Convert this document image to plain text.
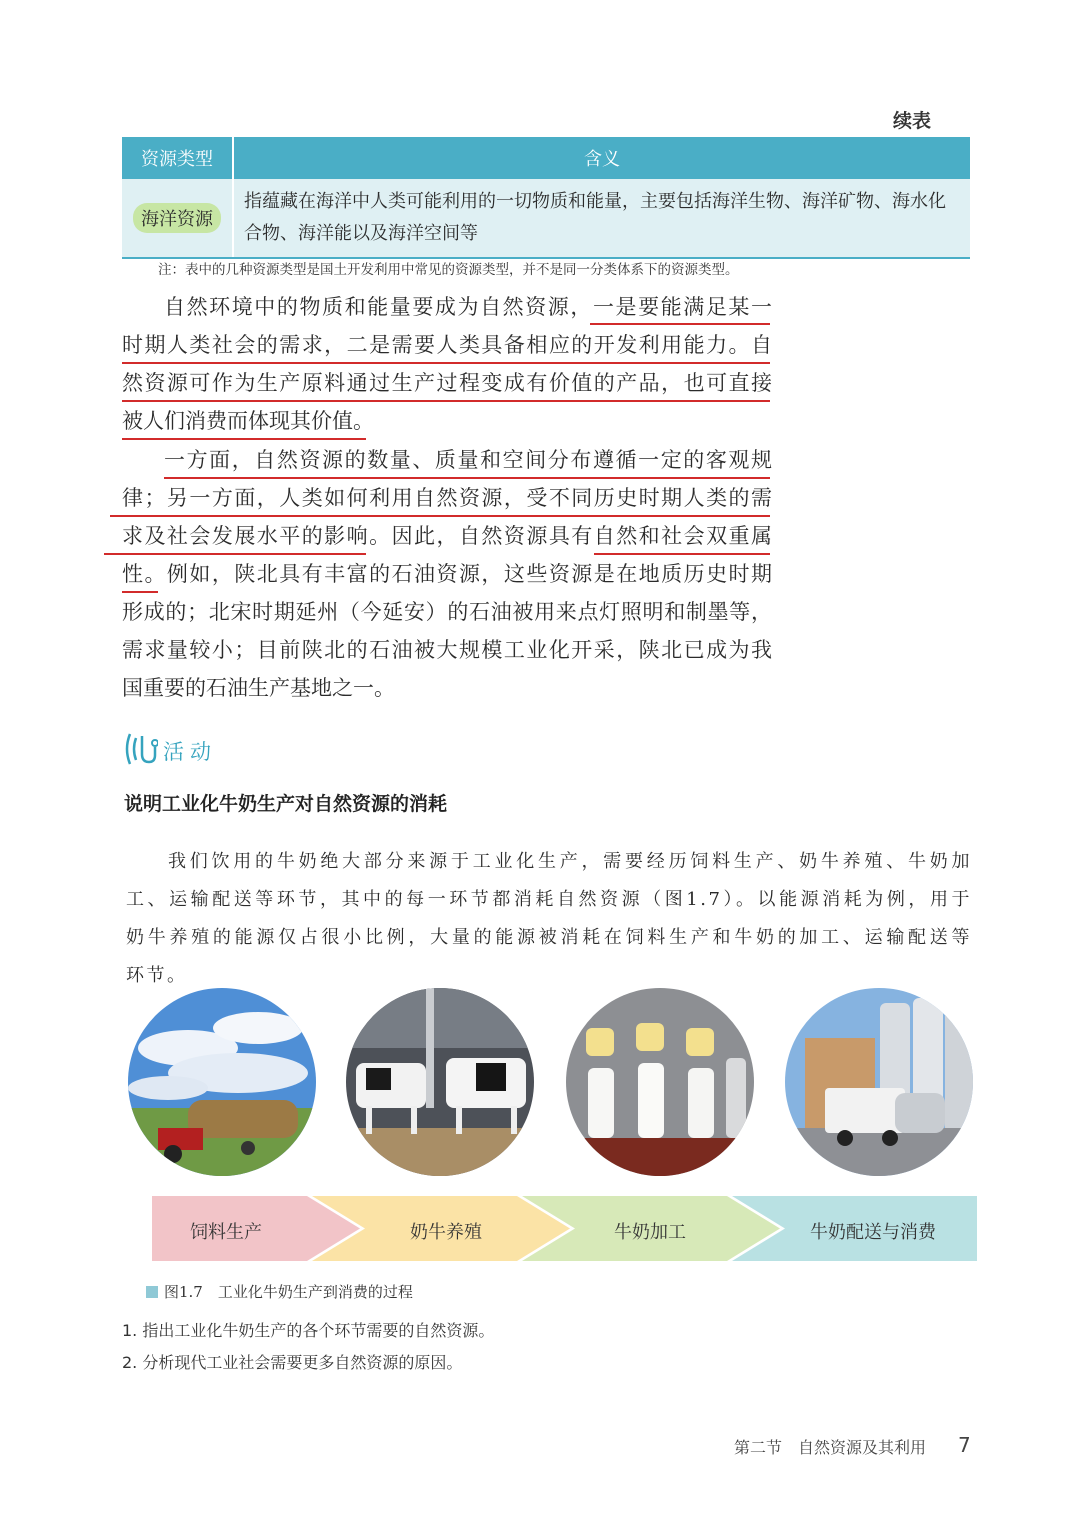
续表
资源类型	含义
海洋资源	指蕴藏在海洋中人类可能利用的一切物质和能量，主要包括海洋生物、海洋矿物、海水化合物、海洋能以及海洋空间等
注：表中的几种资源类型是国土开发利用中常见的资源类型，并不是同一分类体系下的资源类型。
自然环境中的物质和能量要成为自然资源，一是要能满足某一
时期人类社会的需求，二是需要人类具备相应的开发利用能力。自
然资源可作为生产原料通过生产过程变成有价值的产品，也可直接
被人们消费而体现其价值。
一方面，自然资源的数量、质量和空间分布遵循一定的客观规
律；另一方面，人类如何利用自然资源，受不同历史时期人类的需
求及社会发展水平的影响。因此，自然资源具有自然和社会双重属
性。例如，陕北具有丰富的石油资源，这些资源是在地质历史时期
形成的；北宋时期延州（今延安）的石油被用来点灯照明和制墨等，
需求量较小；目前陕北的石油被大规模工业化开采，陕北已成为我
国重要的石油生产基地之一。
活动
说明工业化牛奶生产对自然资源的消耗
我们饮用的牛奶绝大部分来源于工业化生产，需要经历饲料生产、奶牛养殖、牛奶加
工、运输配送等环节，其中的每一环节都消耗自然资源（图1.7）。以能源消耗为例，用于
奶牛养殖的能源仅占很小比例，大量的能源被消耗在饲料生产和牛奶的加工、运输配送等
环节。
饲料生产	奶牛养殖	牛奶加工	牛奶配送与消费
图1.7　工业化牛奶生产到消费的过程
1. 指出工业化牛奶生产的各个环节需要的自然资源。
2. 分析现代工业社会需要更多自然资源的原因。
第二节　自然资源及其利用 7
